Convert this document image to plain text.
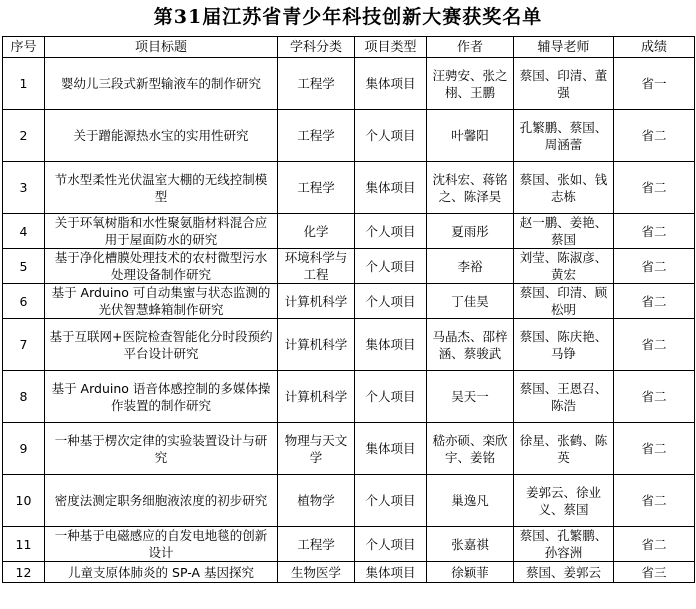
第31届江苏省青少年科技创新大赛获奖名单
序号	项目标题	学科分类	项目类型	作者	辅导老师	成绩
1	婴幼儿三段式新型输液车的制作研究	工程学	集体项目	汪骋安、张之栩、王鹏	蔡国、印清、董强	省一
2	关于蹭能源热水宝的实用性研究	工程学	个人项目	叶馨阳	孔繁鹏、蔡国、周涵蕾	省二
3	节水型柔性光伏温室大棚的无线控制模型	工程学	集体项目	沈科宏、蒋铭之、陈泽昊	蔡国、张如、钱志栋	省二
4	关于环氧树脂和水性聚氨脂材料混合应用于屋面防水的研究	化学	个人项目	夏雨彤	赵一鹏、姜艳、蔡国	省二
5	基于净化槽膜处理技术的农村微型污水处理设备制作研究	环境科学与工程	个人项目	李裕	刘莹、陈淑彦、黄宏	省二
6	基于 Arduino 可自动集蜜与状态监测的光伏智慧蜂箱制作研究	计算机科学	个人项目	丁佳昊	蔡国、印清、顾松明	省二
7	基于互联网+医院检查智能化分时段预约平台设计研究	计算机科学	集体项目	马晶杰、邵梓涵、蔡骏武	蔡国、陈庆艳、马铮	省二
8	基于 Arduino 语音体感控制的多媒体操作装置的制作研究	计算机科学	个人项目	吴天一	蔡国、王恩召、陈浩	省二
9	一种基于楞次定律的实验装置设计与研究	物理与天文学	集体项目	嵇亦硕、栾欣宇、姜铭	徐星、张鹤、陈英	省二
10	密度法测定职务细胞液浓度的初步研究	植物学	个人项目	巢逸凡	姜郭云、徐业义、蔡国	省二
11	一种基于电磁感应的自发电地毯的创新设计	工程学	个人项目	张嘉祺	蔡国、孔繁鹏、孙容洲	省二
12	儿童支原体肺炎的 SP-A 基因探究	生物医学	集体项目	徐颖菲	蔡国、姜郭云	省三
